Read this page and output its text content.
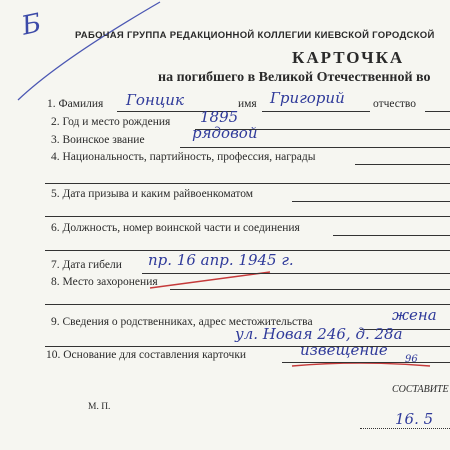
Б	РАБОЧАЯ ГРУППА РЕДАКЦИОННОЙ КОЛЛЕГИИ КИЕВСКОЙ ГОРОДСКОЙ
КАРТОЧКА
на погибшего в Великой Отечественной во
1. Фамилия Гонцик	имя Григорий отчество
2. Год и место рождения 1895
3. Воинское звание	рядовой
4. Национальность, партийность, профессия, награды
5. Дата призыва и каким райвоенкоматом
6. Должность, номер воинской части и соединения
7. Дата гибели пр. 16 апр. 1945 г.
8. Место захоронения
9. Сведения о родственниках, адрес местожительства	жена
ул. Новая 246, д. 28а
10. Основание для составления карточки	извещение
96
М. П.
СОСТАВИТЕ
16. 5
